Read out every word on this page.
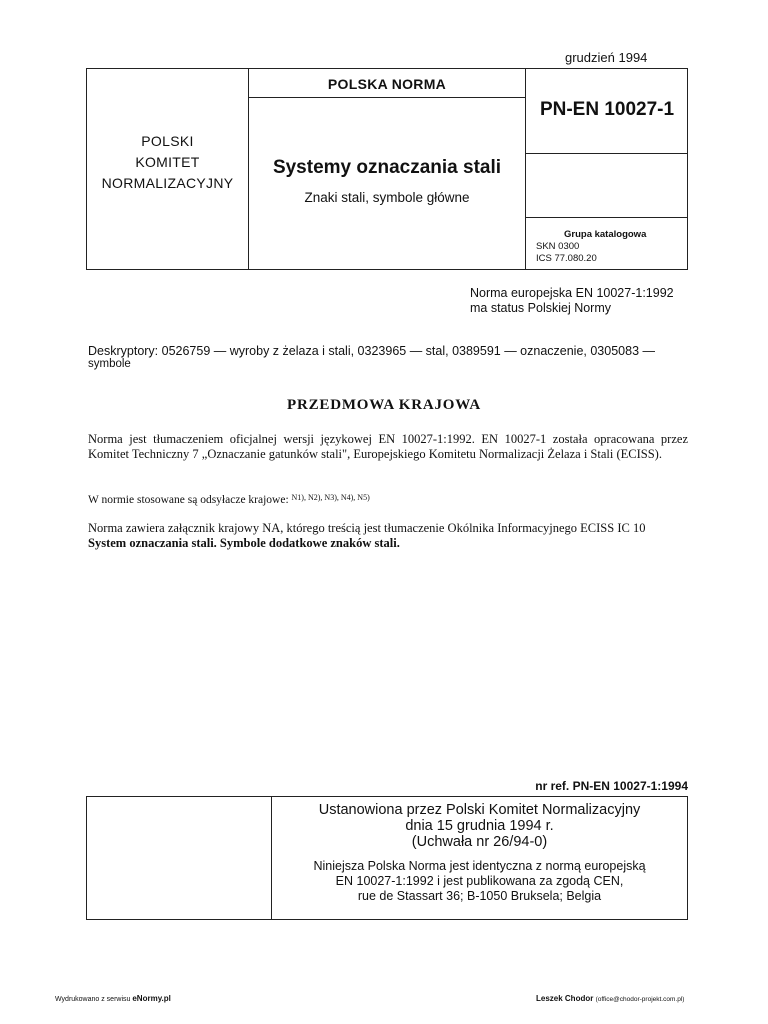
grudzień 1994
POLSKI
KOMITET
NORMALIZACYJNY
POLSKA NORMA
Systemy oznaczania stali
Znaki stali, symbole główne
PN-EN 10027-1
Grupa katalogowa
SKN 0300
ICS 77.080.20
Norma europejska EN 10027-1:1992
ma status Polskiej Normy
Deskryptory: 0526759 — wyroby z żelaza i stali, 0323965 — stal, 0389591 — oznaczenie, 0305083 —
symbole
PRZEDMOWA KRAJOWA
Norma jest tłumaczeniem oficjalnej wersji językowej EN 10027-1:1992. EN 10027-1 została opracowana przez Komitet Techniczny 7 „Oznaczanie gatunków stali", Europejskiego Komitetu Normalizacji Żelaza i Stali (ECISS).
W normie stosowane są odsyłacze krajowe: $^{N1), N2), N3), N4), N5)}$
Norma zawiera załącznik krajowy NA, którego treścią jest tłumaczenie Okólnika Informacyjnego ECISS IC 10
System oznaczania stali. Symbole dodatkowe znaków stali.
nr ref. PN-EN 10027-1:1994
Ustanowiona przez Polski Komitet Normalizacyjny
dnia 15 grudnia 1994 r.
(Uchwała nr 26/94-0)
Niniejsza Polska Norma jest identyczna z normą europejską
EN 10027-1:1992 i jest publikowana za zgodą CEN,
rue de Stassart 36; B-1050 Bruksela; Belgia
Wydrukowano z serwisu eNormy.pl	Leszek Chodor (office@chodor-projekt.com.pl)
